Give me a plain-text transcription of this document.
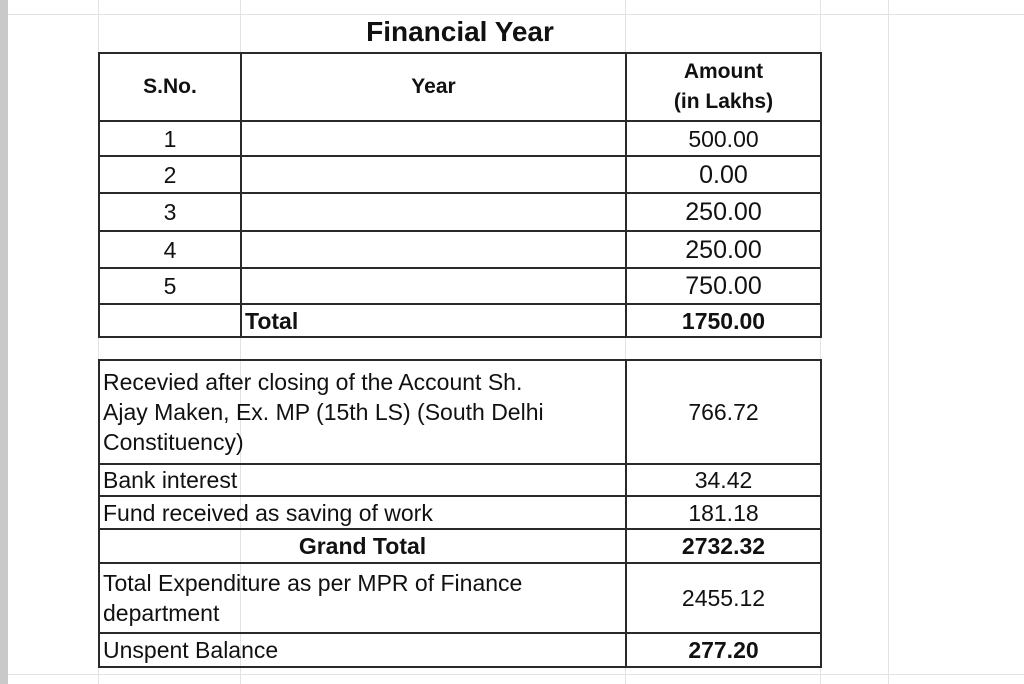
Financial Year
S.No.	Year	Amount
(in Lakhs)

1		500.00
2		0.00
3		250.00
4		250.00
5		750.00
	Total	1750.00
Recevied after closing of the Account Sh.
Ajay Maken, Ex. MP (15th LS) (South Delhi
Constituency)	766.72
Bank interest	34.42
Fund received as saving of work	181.18
Grand Total	2732.32

Total Expenditure as per MPR of Finance
department	2455.12
Unspent Balance	277.20
